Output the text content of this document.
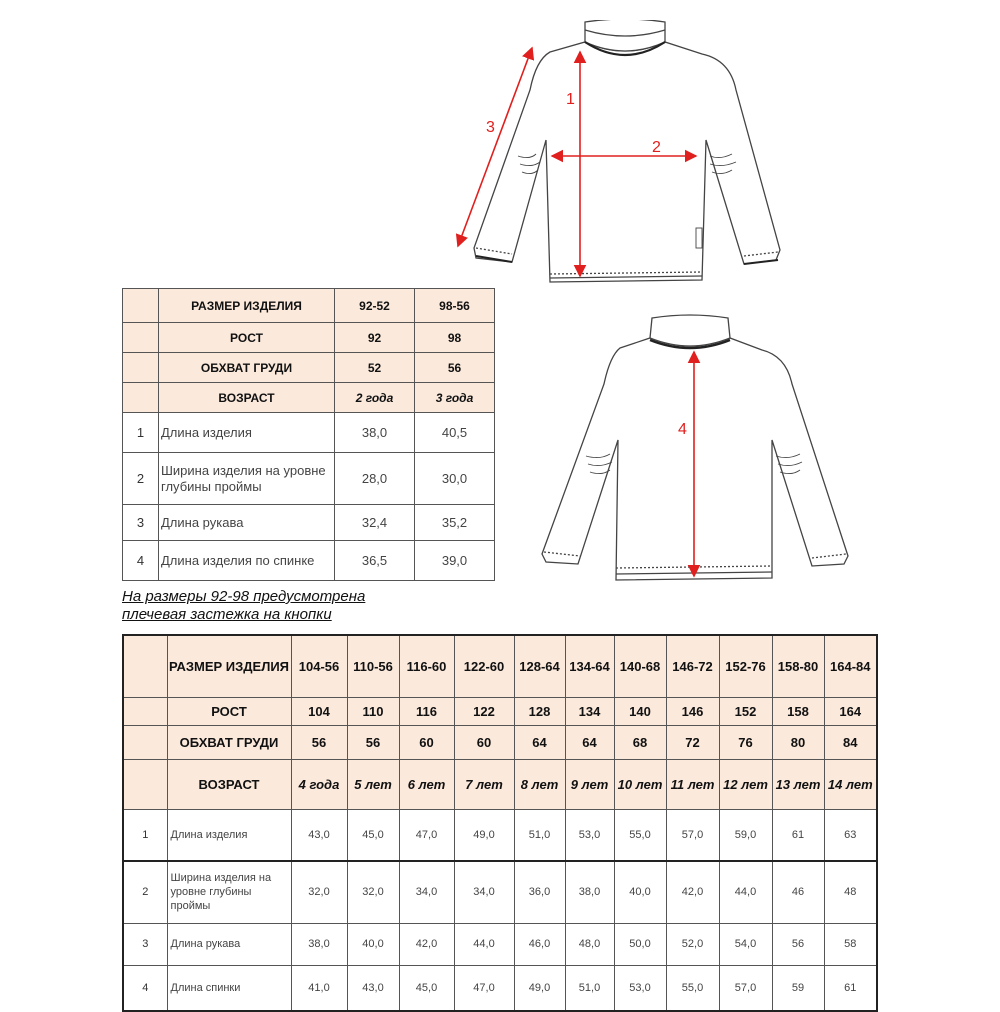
1
2
3
4
	РАЗМЕР ИЗДЕЛИЯ	92-52	98-56
	РОСТ	92	98
	ОБХВАТ ГРУДИ	52	56
	ВОЗРАСТ	2 года	3 года
1	Длина изделия	38,0	40,5
2	Ширина изделия на уровне глубины проймы	28,0	30,0
3	Длина рукава	32,4	35,2
4	Длина изделия по спинке	36,5	39,0
На размеры 92-98 предусмотрена
плечевая застежка на кнопки
	РАЗМЕР ИЗДЕЛИЯ	104-56	110-56	116-60	122-60	128-64	134-64	140-68	146-72	152-76	158-80	164-84
	РОСТ	104	110	116	122	128	134	140	146	152	158	164
	ОБХВАТ ГРУДИ	56	56	60	60	64	64	68	72	76	80	84
	ВОЗРАСТ	4 года	5 лет	6 лет	7 лет	8 лет	9 лет	10 лет	11 лет	12 лет	13 лет	14 лет
1	Длина изделия	43,0	45,0	47,0	49,0	51,0	53,0	55,0	57,0	59,0	61	63
2	Ширина изделия на уровне глубины проймы	32,0	32,0	34,0	34,0	36,0	38,0	40,0	42,0	44,0	46	48
3	Длина рукава	38,0	40,0	42,0	44,0	46,0	48,0	50,0	52,0	54,0	56	58
4	Длина спинки	41,0	43,0	45,0	47,0	49,0	51,0	53,0	55,0	57,0	59	61
